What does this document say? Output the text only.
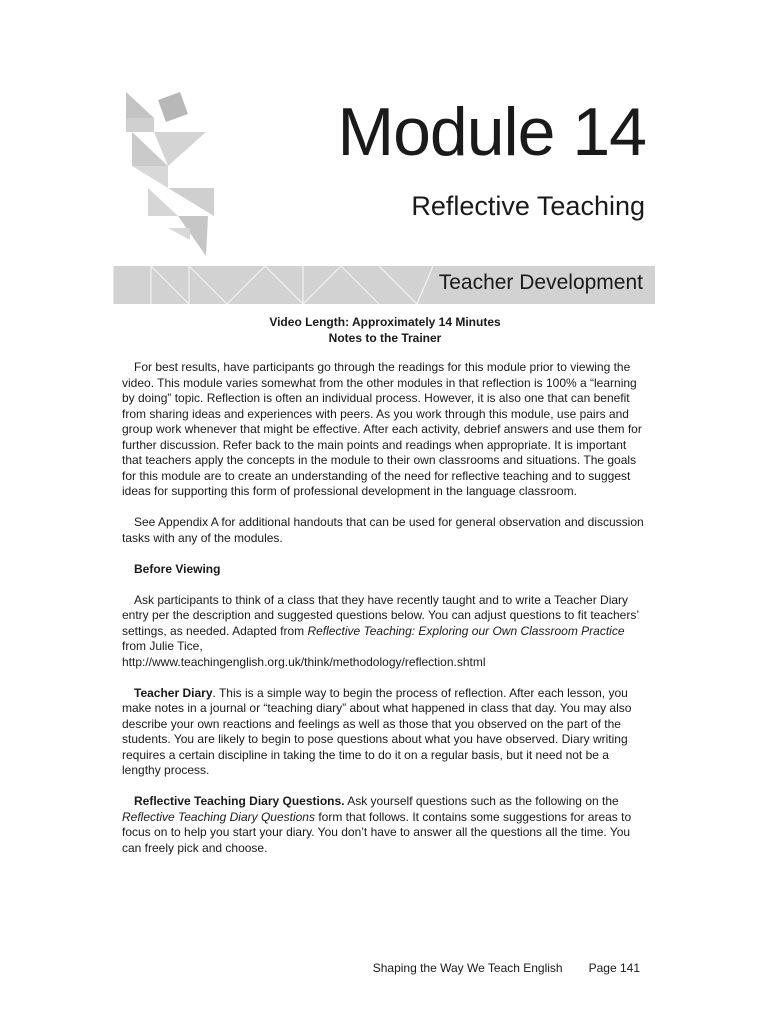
Module 14
Reflective Teaching
Teacher Development
Video Length: Approximately 14 Minutes
Notes to the Trainer

For best results, have participants go through the readings for this module prior to viewing the video. This module varies somewhat from the other modules in that reflection is 100% a “learning by doing” topic. Reflection is often an individual process. However, it is also one that can benefit from sharing ideas and experiences with peers. As you work through this module, use pairs and group work whenever that might be effective. After each activity, debrief answers and use them for further discussion. Refer back to the main points and readings when appropriate. It is important that teachers apply the concepts in the module to their own classrooms and situations. The goals for this module are to create an understanding of the need for reflective teaching and to suggest ideas for supporting this form of professional development in the language classroom.

See Appendix A for additional handouts that can be used for general observation and discussion tasks with any of the modules.

Before Viewing

Ask participants to think of a class that they have recently taught and to write a Teacher Diary entry per the description and suggested questions below. You can adjust questions to fit teachers’ settings, as needed. Adapted from Reflective Teaching: Exploring our Own Classroom Practice from Julie Tice,
http://www.teachingenglish.org.uk/think/methodology/reflection.shtml

Teacher Diary. This is a simple way to begin the process of reflection. After each lesson, you make notes in a journal or “teaching diary” about what happened in class that day. You may also describe your own reactions and feelings as well as those that you observed on the part of the students. You are likely to begin to pose questions about what you have observed. Diary writing requires a certain discipline in taking the time to do it on a regular basis, but it need not be a lengthy process.

Reflective Teaching Diary Questions. Ask yourself questions such as the following on the Reflective Teaching Diary Questions form that follows. It contains some suggestions for areas to focus on to help you start your diary. You don’t have to answer all the questions all the time. You can freely pick and choose.

Shaping the Way We Teach English Page 141
